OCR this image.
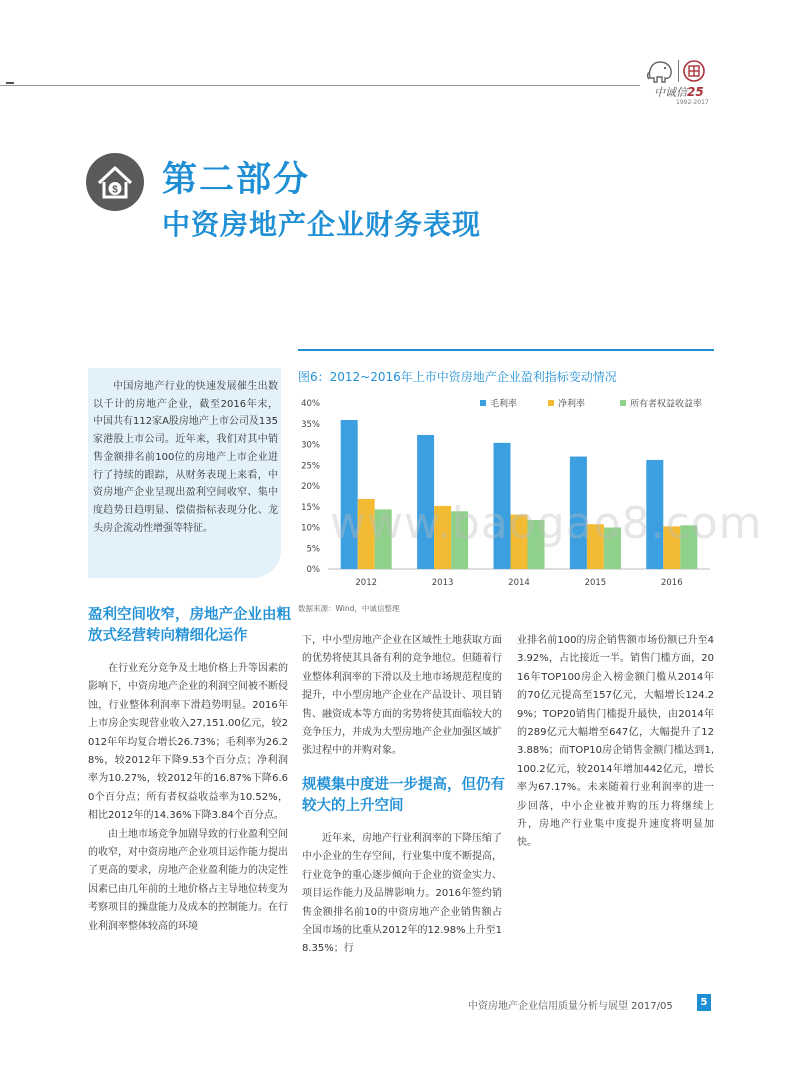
中诚信25
1992-2017
$ 第二部分
中资房地产企业财务表现
中国房地产行业的快速发展催生出数以千计的房地产企业，截至2016年末，中国共有112家A股房地产上市公司及135家港股上市公司。近年来，我们对其中销售金额排名前100位的房地产上市企业进行了持续的跟踪，从财务表现上来看，中资房地产企业呈现出盈利空间收窄、集中度趋势日趋明显、偿债指标表现分化、龙头房企流动性增强等特征。
图6：2012~2016年上市中资房地产企业盈利指标变动情况
0%
5%
10%
15%
20%
25%
30%
35%
40%
2012	2013	2014	2015	2016
毛利率	净利率	所有者权益收益率
数据来源：Wind，中诚信整理
盈利空间收窄，房地产企业由粗放式经营转向精细化运作

在行业充分竞争及土地价格上升等因素的影响下，中资房地产企业的利润空间被不断侵蚀，行业整体利润率下滑趋势明显。2016年上市房企实现营业收入27,151.00亿元，较2012年年均复合增长26.73%；毛利率为26.28%，较2012年下降9.53个百分点；净利润率为10.27%，较2012年的16.87%下降6.60个百分点；所有者权益收益率为10.52%，相比2012年的14.36%下降3.84个百分点。

由土地市场竞争加剧导致的行业盈利空间的收窄，对中资房地产企业项目运作能力提出了更高的要求，房地产企业盈利能力的决定性因素已由几年前的土地价格占主导地位转变为考察项目的操盘能力及成本的控制能力。在行业利润率整体较高的环境

下，中小型房地产企业在区域性土地获取方面的优势将使其具备有利的竞争地位。但随着行业整体利润率的下滑以及土地市场规范程度的提升，中小型房地产企业在产品设计、项目销售、融资成本等方面的劣势将使其面临较大的竞争压力，并成为大型房地产企业加强区域扩张过程中的并购对象。

规模集中度进一步提高，但仍有较大的上升空间

近年来，房地产行业利润率的下降压缩了中小企业的生存空间，行业集中度不断提高，行业竞争的重心逐步倾向于企业的资金实力、项目运作能力及品牌影响力。2016年签约销售金额排名前10的中资房地产企业销售额占全国市场的比重从2012年的12.98%上升至18.35%；行

业排名前100的房企销售额市场份额已升至43.92%，占比接近一半。销售门槛方面，2016年TOP100房企入榜金额门槛从2014年的70亿元提高至157亿元，大幅增长124.29%；TOP20销售门槛提升最快，由2014年的289亿元大幅增至647亿，大幅提升了123.88%；而TOP10房企销售金额门槛达到1,100.2亿元，较2014年增加442亿元，增长率为67.17%。未来随着行业利润率的进一步回落，中小企业被并购的压力将继续上升，房地产行业集中度提升速度将明显加快。

www.baogao8.com
中资房地产企业信用质量分析与展望 2017/05	5
